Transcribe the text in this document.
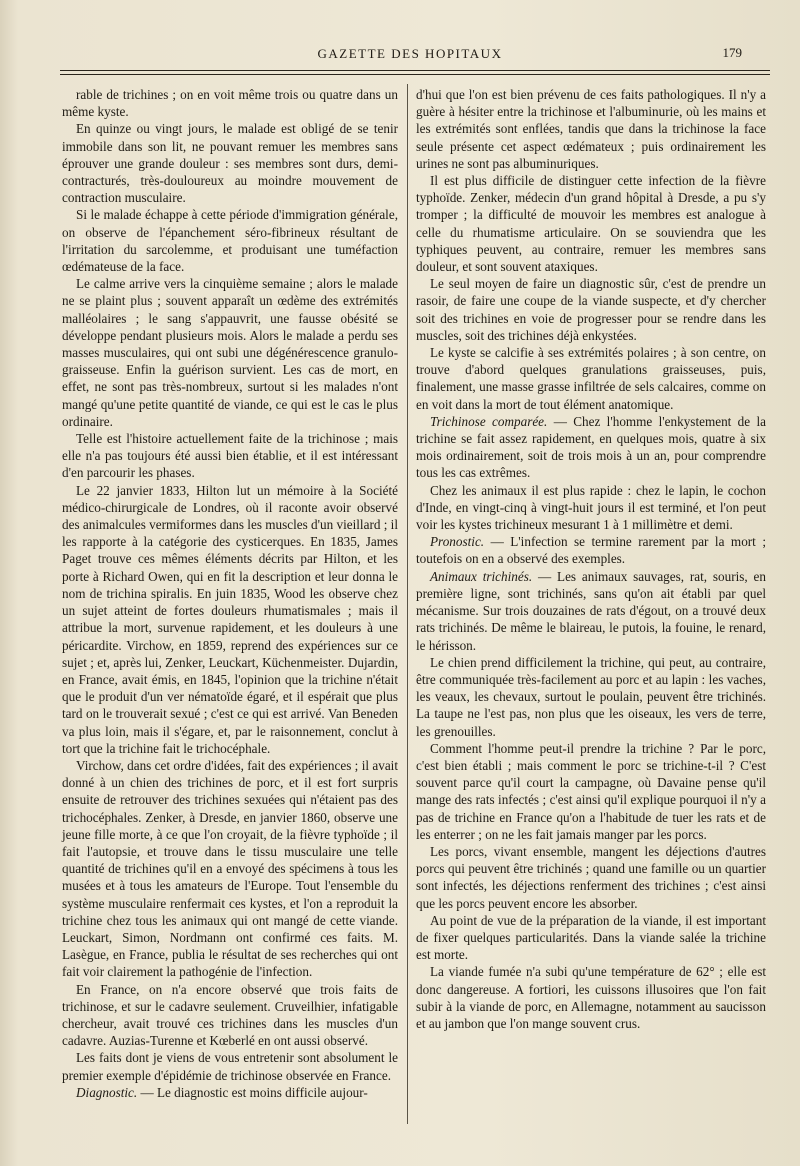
GAZETTE DES HOPITAUX	179

rable de trichines ; on en voit même trois ou quatre dans un même kyste.

En quinze ou vingt jours, le malade est obligé de se tenir immobile dans son lit, ne pouvant remuer les membres sans éprouver une grande douleur : ses membres sont durs, demi-contracturés, très-douloureux au moindre mouvement de contraction musculaire.

Si le malade échappe à cette période d'immigration générale, on observe de l'épanchement séro-fibrineux résultant de l'irritation du sarcolemme, et produisant une tuméfaction œdémateuse de la face.

Le calme arrive vers la cinquième semaine ; alors le malade ne se plaint plus ; souvent apparaît un œdème des extrémités malléolaires ; le sang s'appauvrit, une fausse obésité se développe pendant plusieurs mois. Alors le malade a perdu ses masses musculaires, qui ont subi une dégénérescence granulo-graisseuse. Enfin la guérison survient. Les cas de mort, en effet, ne sont pas très-nombreux, surtout si les malades n'ont mangé qu'une petite quantité de viande, ce qui est le cas le plus ordinaire.

Telle est l'histoire actuellement faite de la trichinose ; mais elle n'a pas toujours été aussi bien établie, et il est intéressant d'en parcourir les phases.

Le 22 janvier 1833, Hilton lut un mémoire à la Société médico-chirurgicale de Londres, où il raconte avoir observé des animalcules vermiformes dans les muscles d'un vieillard ; il les rapporte à la catégorie des cysticerques. En 1835, James Paget trouve ces mêmes éléments décrits par Hilton, et les porte à Richard Owen, qui en fit la description et leur donna le nom de trichina spiralis. En juin 1835, Wood les observe chez un sujet atteint de fortes douleurs rhumatismales ; mais il attribue la mort, survenue rapidement, et les douleurs à une péricardite. Virchow, en 1859, reprend des expériences sur ce sujet ; et, après lui, Zenker, Leuckart, Küchenmeister. Dujardin, en France, avait émis, en 1845, l'opinion que la trichine n'était que le produit d'un ver nématoïde égaré, et il espérait que plus tard on le trouverait sexué ; c'est ce qui est arrivé. Van Beneden va plus loin, mais il s'égare, et, par le raisonnement, conclut à tort que la trichine fait le trichocéphale.

Virchow, dans cet ordre d'idées, fait des expériences ; il avait donné à un chien des trichines de porc, et il est fort surpris ensuite de retrouver des trichines sexuées qui n'étaient pas des trichocéphales. Zenker, à Dresde, en janvier 1860, observe une jeune fille morte, à ce que l'on croyait, de la fièvre typhoïde ; il fait l'autopsie, et trouve dans le tissu musculaire une telle quantité de trichines qu'il en a envoyé des spécimens à tous les musées et à tous les amateurs de l'Europe. Tout l'ensemble du système musculaire renfermait ces kystes, et l'on a reproduit la trichine chez tous les animaux qui ont mangé de cette viande. Leuckart, Simon, Nordmann ont confirmé ces faits. M. Lasègue, en France, publia le résultat de ses recherches qui ont fait voir clairement la pathogénie de l'infection.

En France, on n'a encore observé que trois faits de trichinose, et sur le cadavre seulement. Cruveilhier, infatigable chercheur, avait trouvé ces trichines dans les muscles d'un cadavre. Auzias-Turenne et Kœberlé en ont aussi observé.

Les faits dont je viens de vous entretenir sont absolument le premier exemple d'épidémie de trichinose observée en France.

Diagnostic. — Le diagnostic est moins difficile aujour-

d'hui que l'on est bien prévenu de ces faits pathologiques. Il n'y a guère à hésiter entre la trichinose et l'albuminurie, où les mains et les extrémités sont enflées, tandis que dans la trichinose la face seule présente cet aspect œdémateux ; puis ordinairement les urines ne sont pas albuminuriques.

Il est plus difficile de distinguer cette infection de la fièvre typhoïde. Zenker, médecin d'un grand hôpital à Dresde, a pu s'y tromper ; la difficulté de mouvoir les membres est analogue à celle du rhumatisme articulaire. On se souviendra que les typhiques peuvent, au contraire, remuer les membres sans douleur, et sont souvent ataxiques.

Le seul moyen de faire un diagnostic sûr, c'est de prendre un rasoir, de faire une coupe de la viande suspecte, et d'y chercher soit des trichines en voie de progresser pour se rendre dans les muscles, soit des trichines déjà enkystées.

Le kyste se calcifie à ses extrémités polaires ; à son centre, on trouve d'abord quelques granulations graisseuses, puis, finalement, une masse grasse infiltrée de sels calcaires, comme on en voit dans la mort de tout élément anatomique.

Trichinose comparée. — Chez l'homme l'enkystement de la trichine se fait assez rapidement, en quelques mois, quatre à six mois ordinairement, soit de trois mois à un an, pour comprendre tous les cas extrêmes.

Chez les animaux il est plus rapide : chez le lapin, le cochon d'Inde, en vingt-cinq à vingt-huit jours il est terminé, et l'on peut voir les kystes trichineux mesurant 1 à 1 millimètre et demi.

Pronostic. — L'infection se termine rarement par la mort ; toutefois on en a observé des exemples.

Animaux trichinés. — Les animaux sauvages, rat, souris, en première ligne, sont trichinés, sans qu'on ait établi par quel mécanisme. Sur trois douzaines de rats d'égout, on a trouvé deux rats trichinés. De même le blaireau, le putois, la fouine, le renard, le hérisson.

Le chien prend difficilement la trichine, qui peut, au contraire, être communiquée très-facilement au porc et au lapin : les vaches, les veaux, les chevaux, surtout le poulain, peuvent être trichinés. La taupe ne l'est pas, non plus que les oiseaux, les vers de terre, les grenouilles.

Comment l'homme peut-il prendre la trichine ? Par le porc, c'est bien établi ; mais comment le porc se trichine-t-il ? C'est souvent parce qu'il court la campagne, où Davaine pense qu'il mange des rats infectés ; c'est ainsi qu'il explique pourquoi il n'y a pas de trichine en France qu'on a l'habitude de tuer les rats et de les enterrer ; on ne les fait jamais manger par les porcs.

Les porcs, vivant ensemble, mangent les déjections d'autres porcs qui peuvent être trichinés ; quand une famille ou un quartier sont infectés, les déjections renferment des trichines ; c'est ainsi que les porcs peuvent encore les absorber.

Au point de vue de la préparation de la viande, il est important de fixer quelques particularités. Dans la viande salée la trichine est morte.

La viande fumée n'a subi qu'une température de 62° ; elle est donc dangereuse. A fortiori, les cuissons illusoires que l'on fait subir à la viande de porc, en Allemagne, notamment au saucisson et au jambon que l'on mange souvent crus.
